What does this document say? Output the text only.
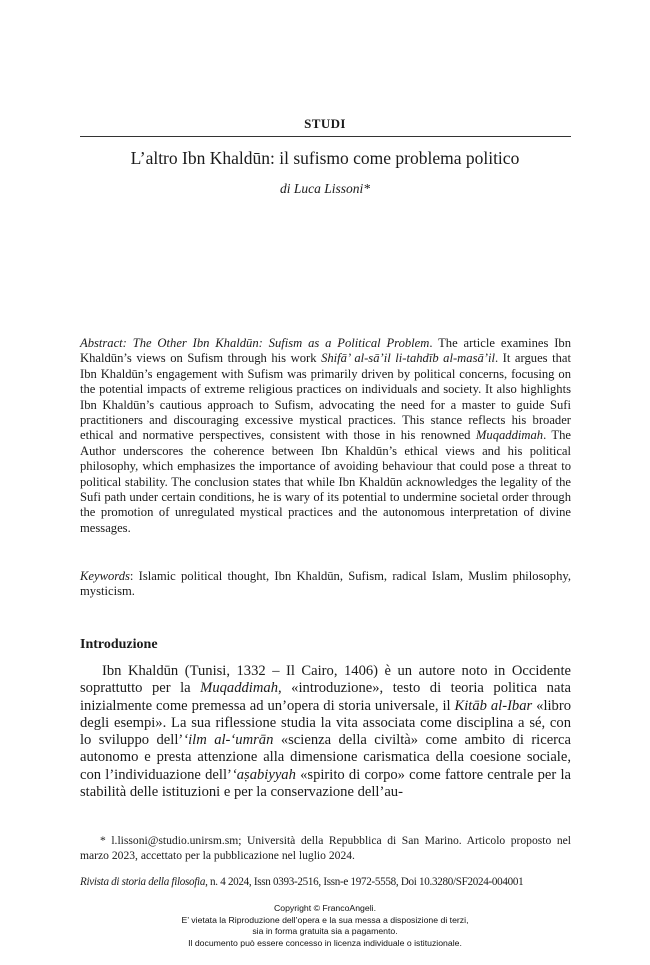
STUDI
L’altro Ibn Khaldūn: il sufismo come problema politico
di Luca Lissoni*
Abstract: The Other Ibn Khaldūn: Sufism as a Political Problem. The article examines Ibn Khaldūn’s views on Sufism through his work Shifā’ al-sā’il li-tahdīb al-masā’il. It argues that Ibn Khaldūn’s engagement with Sufism was primarily driven by political concerns, focusing on the potential impacts of extreme religious practices on individuals and society. It also highlights Ibn Khaldūn’s cautious approach to Sufism, advocating the need for a master to guide Sufi practitioners and discouraging excessive mystical practices. This stance reflects his broader ethical and normative perspectives, consistent with those in his renowned Muqaddimah. The Author underscores the coherence between Ibn Khaldūn’s ethical views and his political philosophy, which emphasizes the importance of avoiding behaviour that could pose a threat to political stability. The conclusion states that while Ibn Khaldūn acknowledges the legality of the Sufi path under certain conditions, he is wary of its potential to undermine societal order through the promotion of unregulated mystical practices and the autonomous interpretation of divine messages.
Keywords: Islamic political thought, Ibn Khaldūn, Sufism, radical Islam, Muslim philosophy, mysticism.
Introduzione
Ibn Khaldūn (Tunisi, 1332 – Il Cairo, 1406) è un autore noto in Occidente soprattutto per la Muqaddimah, «introduzione», testo di teoria politica nata inizialmente come premessa ad un’opera di storia universale, il Kitāb al-Ibar «libro degli esempi». La sua riflessione studia la vita associata come disciplina a sé, con lo sviluppo dell’‘ilm al-‘umrān «scienza della civiltà» come ambito di ricerca autonomo e presta attenzione alla dimensione carismatica della coesione sociale, con l’individuazione dell’‘aṣabiyyah «spirito di corpo» come fattore centrale per la stabilità delle istituzioni e per la conservazione dell’au-
* l.lissoni@studio.unirsm.sm; Università della Repubblica di San Marino. Articolo proposto nel marzo 2023, accettato per la pubblicazione nel luglio 2024.
Rivista di storia della filosofia, n. 4 2024, Issn 0393-2516, Issn-e 1972-5558, Doi 10.3280/SF2024-004001
Copyright © FrancoAngeli.
E’ vietata la Riproduzione dell’opera e la sua messa a disposizione di terzi,
sia in forma gratuita sia a pagamento.
Il documento può essere concesso in licenza individuale o istituzionale.
